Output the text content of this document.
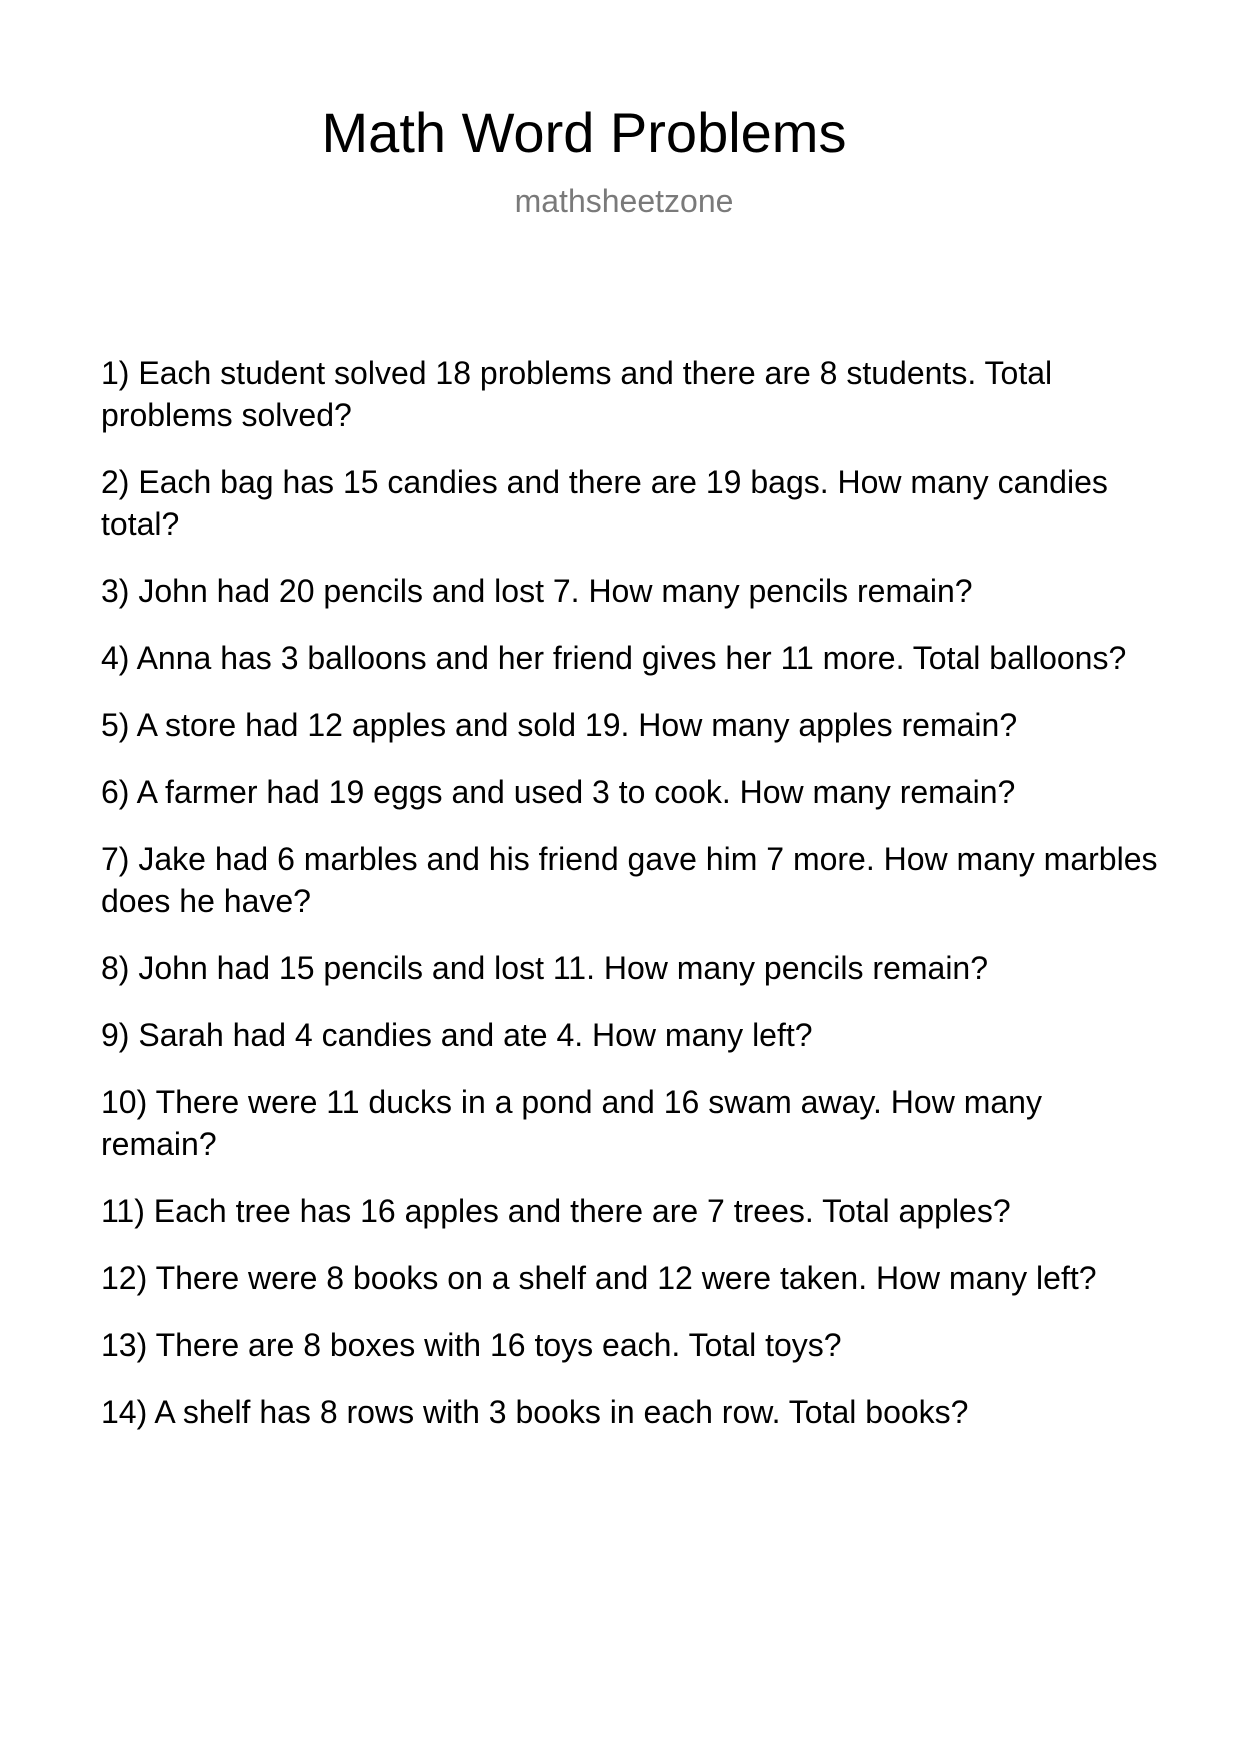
Math Word Problems
mathsheetzone
1) Each student solved 18 problems and there are 8 students. Total problems solved?
2) Each bag has 15 candies and there are 19 bags. How many candies total?
3) John had 20 pencils and lost 7. How many pencils remain?
4) Anna has 3 balloons and her friend gives her 11 more. Total balloons?
5) A store had 12 apples and sold 19. How many apples remain?
6) A farmer had 19 eggs and used 3 to cook. How many remain?
7) Jake had 6 marbles and his friend gave him 7 more. How many marbles does he have?
8) John had 15 pencils and lost 11. How many pencils remain?
9) Sarah had 4 candies and ate 4. How many left?
10) There were 11 ducks in a pond and 16 swam away. How many remain?
11) Each tree has 16 apples and there are 7 trees. Total apples?
12) There were 8 books on a shelf and 12 were taken. How many left?
13) There are 8 boxes with 16 toys each. Total toys?
14) A shelf has 8 rows with 3 books in each row. Total books?
